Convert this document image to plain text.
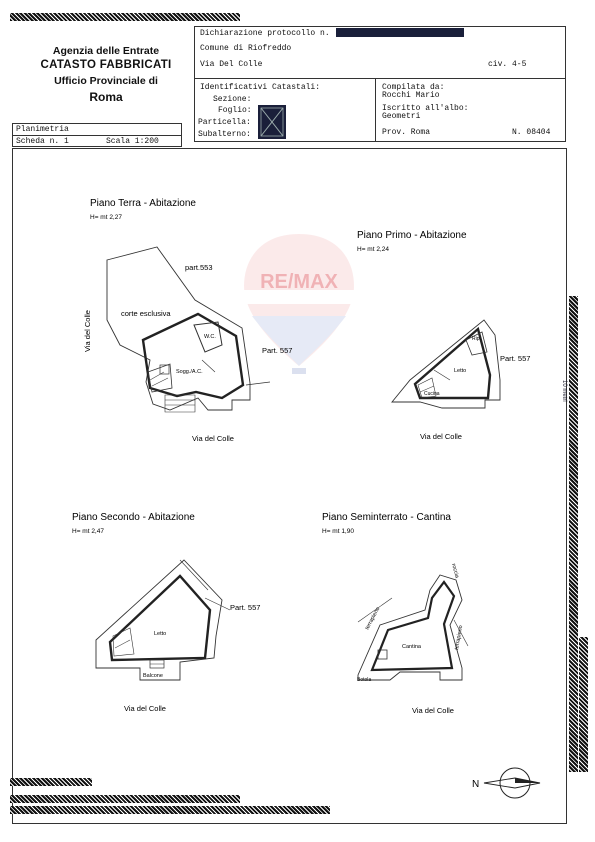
Agenzia delle Entrate
CATASTO FABBRICATI
Ufficio Provinciale di
Roma
Dichiarazione protocollo n.
Comune di Riofreddo
Via Del Colle	civ. 4-5
Identificativi Catastali:
Sezione:
Foglio:
Particella:
Subalterno:
Compilata da:
Rocchi Mario
Iscritto all'albo:
Geometri
Prov. Roma	N. 08404
Planimetria
Scheda n. 1	Scala 1:200
10 metri
RE/MAX
Piano Terra - Abitazione
H= mt 2,27
part.553
corte esclusiva
Via del Colle	W.C.
Sogg./A.C.
Part. 557
Via del Colle
Piano Primo - Abitazione
H= mt 2,24
Rip.
Letto
Cucina
Part. 557
Via del Colle
Piano Secondo - Abitazione
H= mt 2,47
Part. 557
Letto
Balcone
Via del Colle
Piano Seminterrato - Cantina
H= mt 1,90
roccia
terrapieno
terrapieno
Cantina
Botola
Via del Colle
N
